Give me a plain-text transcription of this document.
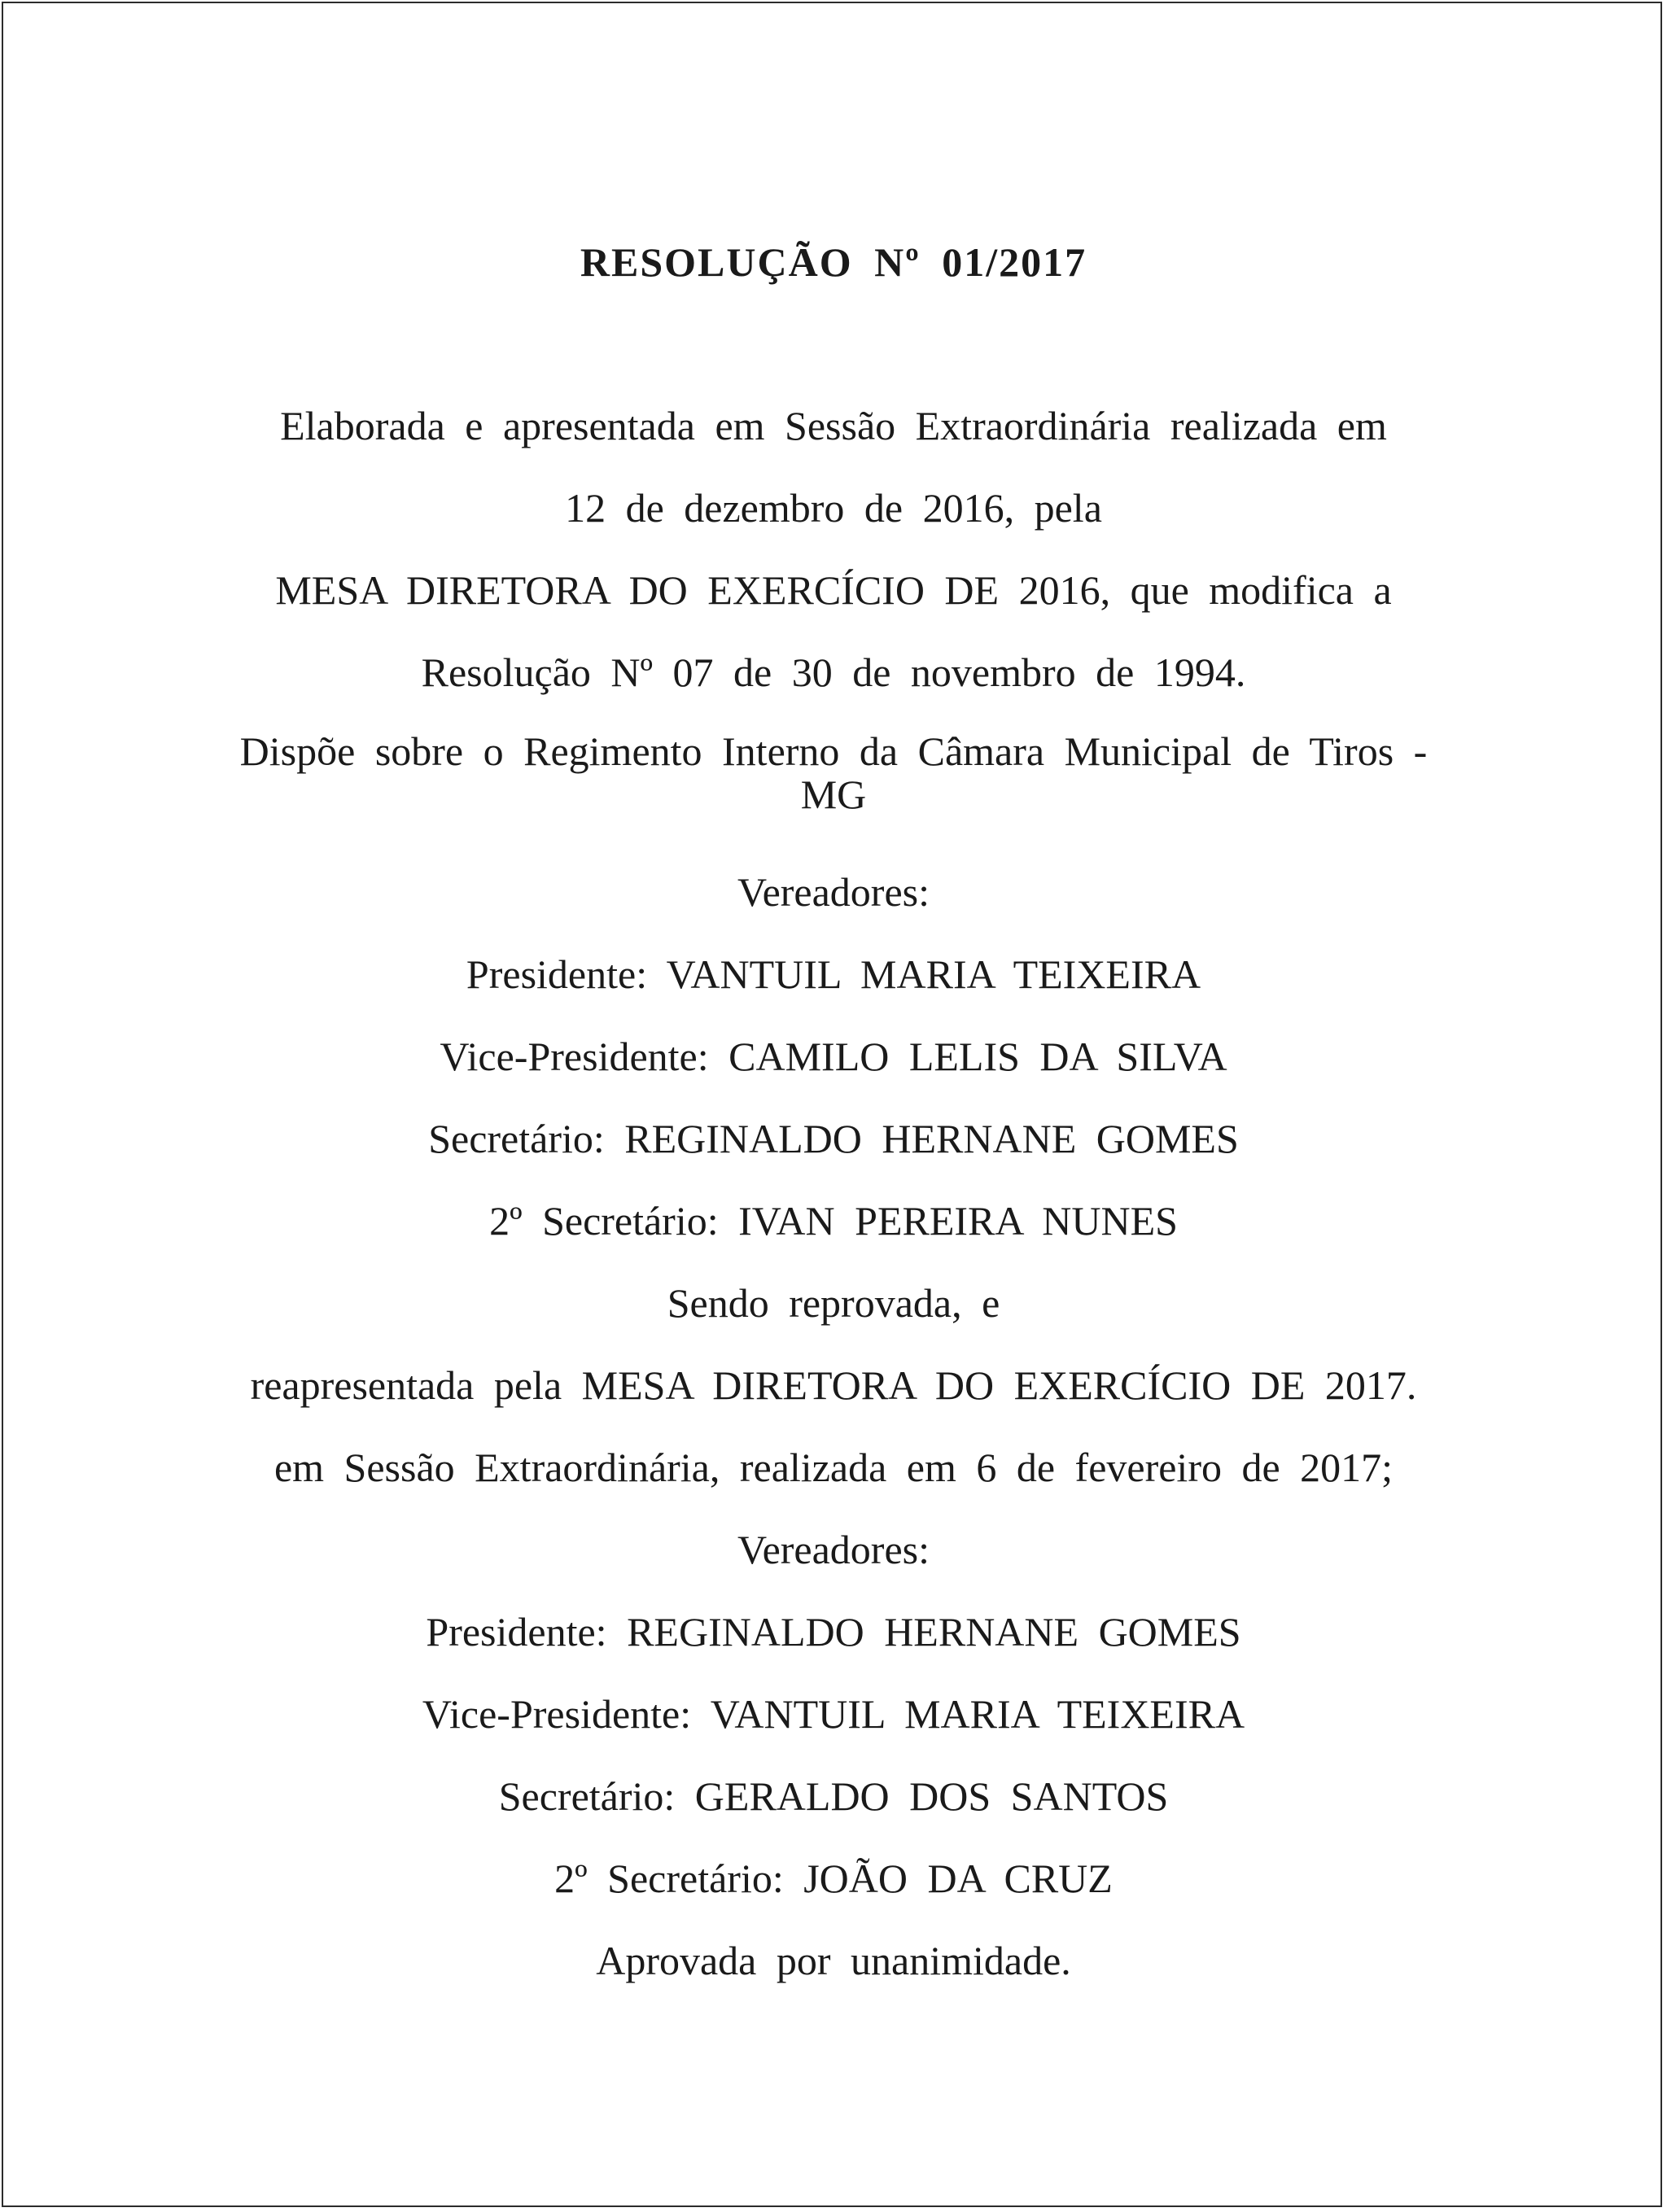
RESOLUÇÃO Nº 01/2017
Elaborada e apresentada em Sessão Extraordinária realizada em
12 de dezembro de 2016, pela
MESA DIRETORA DO EXERCÍCIO DE 2016, que modifica a
Resolução Nº 07 de 30 de novembro de 1994.
Dispõe sobre o Regimento Interno da Câmara Municipal de Tiros -
MG
Vereadores:
Presidente: VANTUIL MARIA TEIXEIRA
Vice-Presidente: CAMILO LELIS DA SILVA
Secretário: REGINALDO HERNANE GOMES
2º Secretário: IVAN PEREIRA NUNES
Sendo reprovada, e
reapresentada pela MESA DIRETORA DO EXERCÍCIO DE 2017.
em Sessão Extraordinária, realizada em 6 de fevereiro de 2017;
Vereadores:
Presidente: REGINALDO HERNANE GOMES
Vice-Presidente: VANTUIL MARIA TEIXEIRA
Secretário: GERALDO DOS SANTOS
2º Secretário: JOÃO DA CRUZ
Aprovada por unanimidade.
